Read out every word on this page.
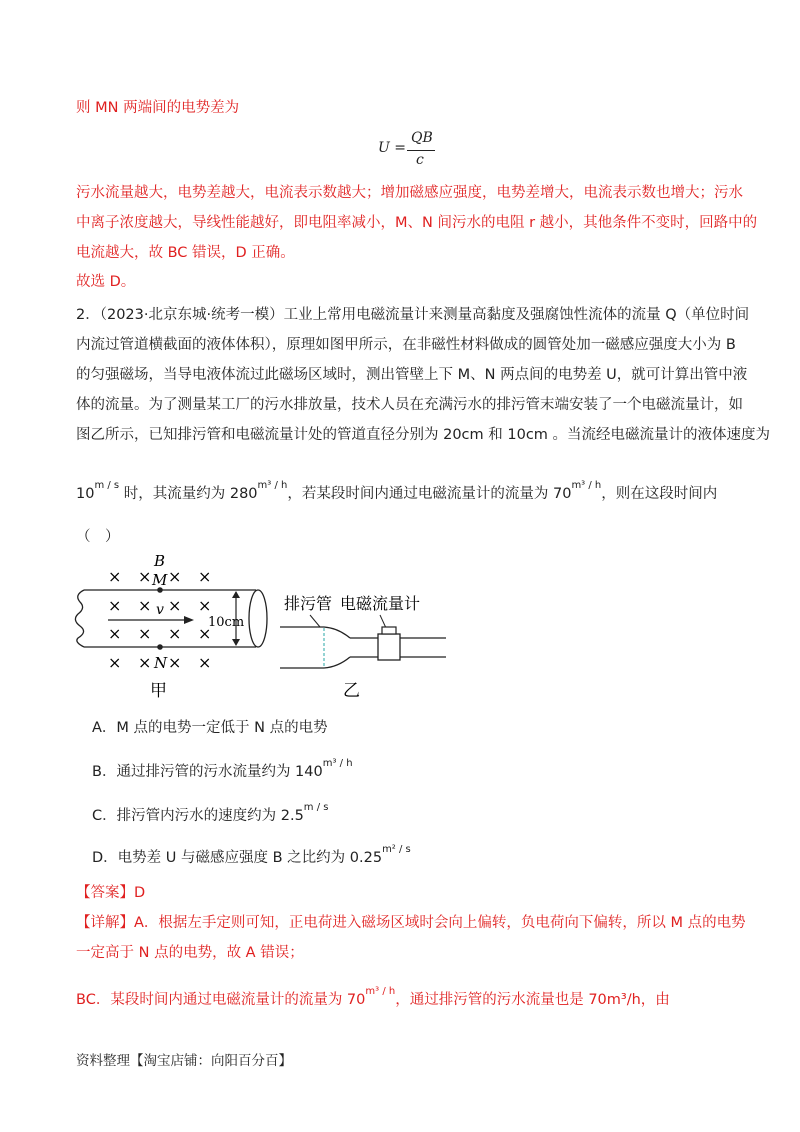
则 MN 两端间的电势差为
U =
QB
c
污水流量越大，电势差越大，电流表示数越大；增加磁感应强度，电势差增大，电流表示数也增大；污水
中离子浓度越大，导线性能越好，即电阻率减小，M、N 间污水的电阻 r 越小，其他条件不变时，回路中的
电流越大，故 BC 错误，D 正确。
故选 D。
2．（2023·北京东城·统考一模）工业上常用电磁流量计来测量高黏度及强腐蚀性流体的流量 Q（单位时间
内流过管道横截面的液体体积），原理如图甲所示，在非磁性材料做成的圆管处加一磁感应强度大小为 B
的匀强磁场，当导电液体流过此磁场区域时，测出管壁上下 M、N 两点间的电势差 U，就可计算出管中液
体的流量。为了测量某工厂的污水排放量，技术人员在充满污水的排污管末端安装了一个电磁流量计，如
图乙所示，已知排污管和电磁流量计处的管道直径分别为 20cm 和 10cm 。当流经电磁流量计的液体速度为
$10^{m / s}$ 时，其流量约为 $280^{m^3 / h}$，若某段时间内通过电磁流量计的流量为 $70^{m^3 / h}$，则在这段时间内
（　）
× × × ×
× × × ×
× × × ×
× × × ×
B
M
N
v
10cm
甲
排污管 电磁流量计
乙
A．M 点的电势一定低于 N 点的电势
B．通过排污管的污水流量约为 $140^{m^3 / h}$
C．排污管内污水的速度约为 $2.5^{m / s}$
D．电势差 U 与磁感应强度 B 之比约为 $0.25^{m^2 / s}$
【答案】D
【详解】A．根据左手定则可知，正电荷进入磁场区域时会向上偏转，负电荷向下偏转，所以 M 点的电势
一定高于 N 点的电势，故 A 错误；
BC．某段时间内通过电磁流量计的流量为 $70^{m^3 / h}$，通过排污管的污水流量也是 70m³/h，由
资料整理【淘宝店铺：向阳百分百】
